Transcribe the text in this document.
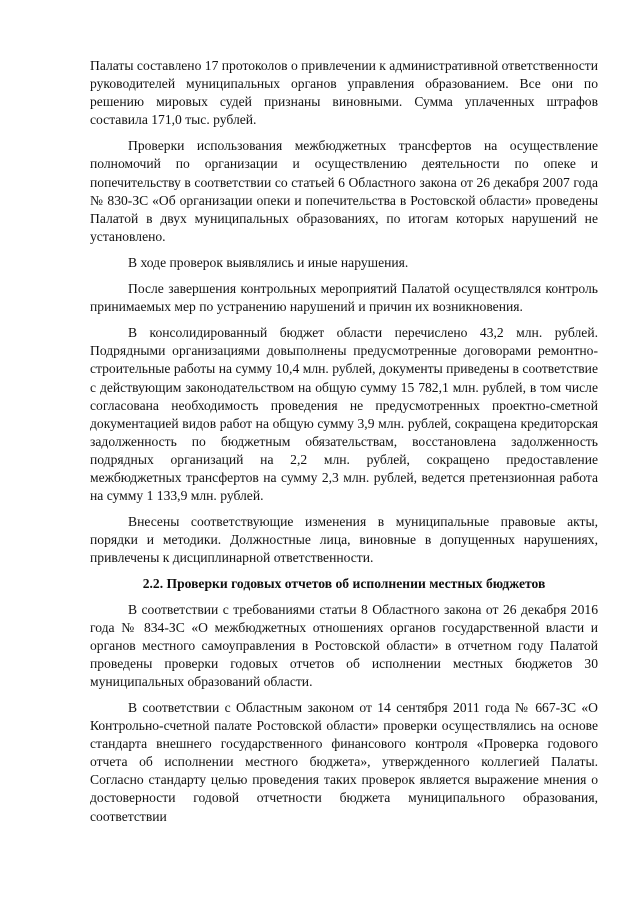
Палаты составлено 17 протоколов о привлечении к административной ответственности руководителей муниципальных органов управления образованием. Все они по решению мировых судей признаны виновными. Сумма уплаченных штрафов составила 171,0 тыс. рублей.

Проверки использования межбюджетных трансфертов на осуществление полномочий по организации и осуществлению деятельности по опеке и попечительству в соответствии со статьей 6 Областного закона от 26 декабря 2007 года № 830-ЗС «Об организации опеки и попечительства в Ростовской области» проведены Палатой в двух муниципальных образованиях, по итогам которых нарушений не установлено.

В ходе проверок выявлялись и иные нарушения.

После завершения контрольных мероприятий Палатой осуществлялся контроль принимаемых мер по устранению нарушений и причин их возникновения.

В консолидированный бюджет области перечислено 43,2 млн. рублей. Подрядными организациями довыполнены предусмотренные договорами ремонтно-строительные работы на сумму 10,4 млн. рублей, документы приведены в соответствие с действующим законодательством на общую сумму 15 782,1 млн. рублей, в том числе согласована необходимость проведения не предусмотренных проектно-сметной документацией видов работ на общую сумму 3,9 млн. рублей, сокращена кредиторская задолженность по бюджетным обязательствам, восстановлена задолженность подрядных организаций на 2,2 млн. рублей, сокращено предоставление межбюджетных трансфертов на сумму 2,3 млн. рублей, ведется претензионная работа на сумму 1 133,9 млн. рублей.

Внесены соответствующие изменения в муниципальные правовые акты, порядки и методики. Должностные лица, виновные в допущенных нарушениях, привлечены к дисциплинарной ответственности.

2.2. Проверки годовых отчетов об исполнении местных бюджетов

В соответствии с требованиями статьи 8 Областного закона от 26 декабря 2016 года № 834-ЗС «О межбюджетных отношениях органов государственной власти и органов местного самоуправления в Ростовской области» в отчетном году Палатой проведены проверки годовых отчетов об исполнении местных бюджетов 30 муниципальных образований области.

В соответствии с Областным законом от 14 сентября 2011 года № 667-ЗС «О Контрольно-счетной палате Ростовской области» проверки осуществлялись на основе стандарта внешнего государственного финансового контроля «Проверка годового отчета об исполнении местного бюджета», утвержденного коллегией Палаты. Согласно стандарту целью проведения таких проверок является выражение мнения о достоверности годовой отчетности бюджета муниципального образования, соответствии
